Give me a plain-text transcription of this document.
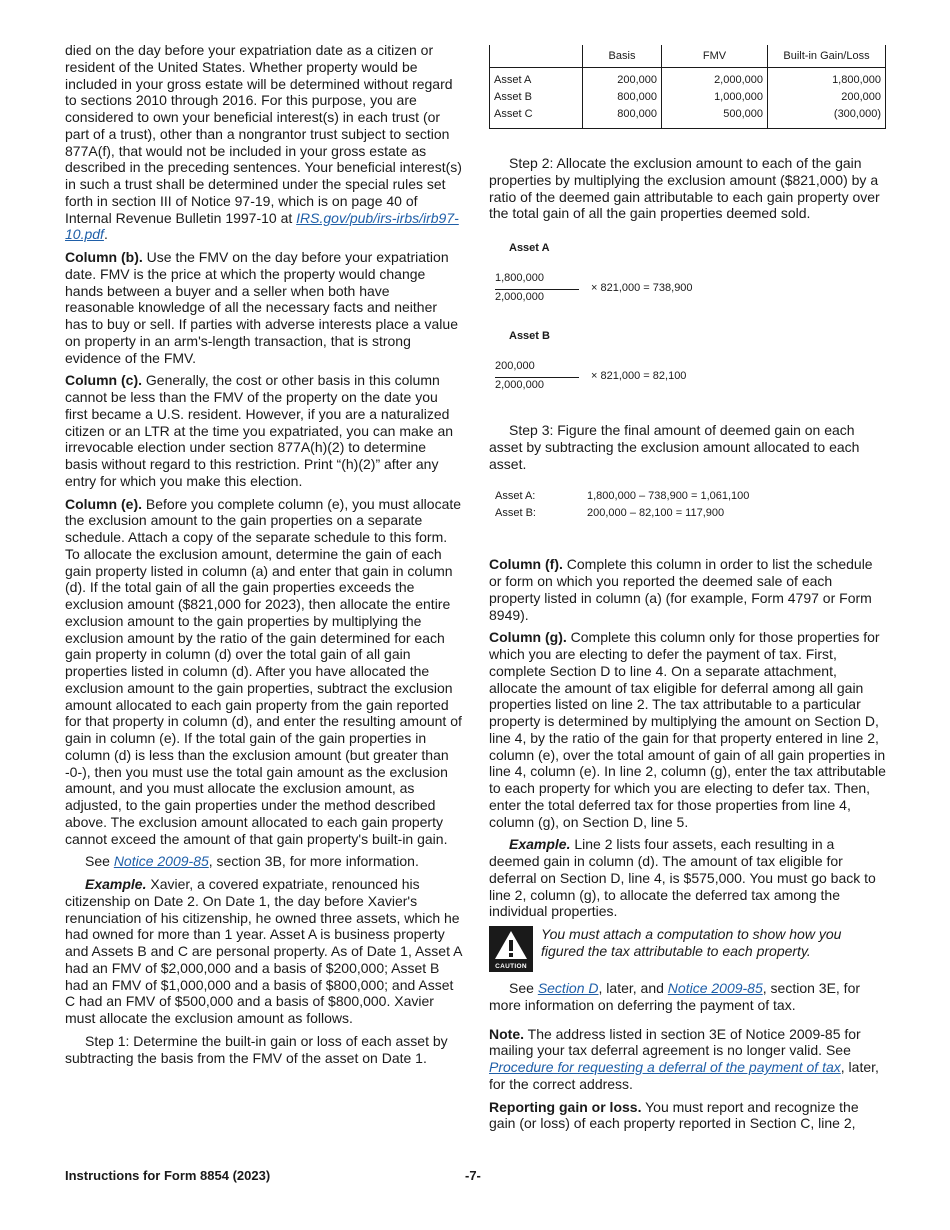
died on the day before your expatriation date as a citizen or resident of the United States. Whether property would be included in your gross estate will be determined without regard to sections 2010 through 2016. For this purpose, you are considered to own your beneficial interest(s) in each trust (or part of a trust), other than a nongrantor trust subject to section 877A(f), that would not be included in your gross estate as described in the preceding sentences. Your beneficial interest(s) in such a trust shall be determined under the special rules set forth in section III of Notice 97-19, which is on page 40 of Internal Revenue Bulletin 1997-10 at IRS.gov/pub/irs-irbs/irb97-10.pdf.

Column (b). Use the FMV on the day before your expatriation date. FMV is the price at which the property would change hands between a buyer and a seller when both have reasonable knowledge of all the necessary facts and neither has to buy or sell. If parties with adverse interests place a value on property in an arm's-length transaction, that is strong evidence of the FMV.

Column (c). Generally, the cost or other basis in this column cannot be less than the FMV of the property on the date you first became a U.S. resident. However, if you are a naturalized citizen or an LTR at the time you expatriated, you can make an irrevocable election under section 877A(h)(2) to determine basis without regard to this restriction. Print “(h)(2)” after any entry for which you make this election.

Column (e). Before you complete column (e), you must allocate the exclusion amount to the gain properties on a separate schedule. Attach a copy of the separate schedule to this form. To allocate the exclusion amount, determine the gain of each gain property listed in column (a) and enter that gain in column (d). If the total gain of all the gain properties exceeds the exclusion amount ($821,000 for 2023), then allocate the entire exclusion amount to the gain properties by multiplying the exclusion amount by the ratio of the gain determined for each gain property in column (d) over the total gain of all gain properties listed in column (d). After you have allocated the exclusion amount to the gain properties, subtract the exclusion amount allocated to each gain property from the gain reported for that property in column (d), and enter the resulting amount of gain in column (e). If the total gain of the gain properties in column (d) is less than the exclusion amount (but greater than -0-), then you must use the total gain amount as the exclusion amount, and you must allocate the exclusion amount, as adjusted, to the gain properties under the method described above. The exclusion amount allocated to each gain property cannot exceed the amount of that gain property's built-in gain.

See Notice 2009-85, section 3B, for more information.

Example. Xavier, a covered expatriate, renounced his citizenship on Date 2. On Date 1, the day before Xavier's renunciation of his citizenship, he owned three assets, which he had owned for more than 1 year. Asset A is business property and Assets B and C are personal property. As of Date 1, Asset A had an FMV of $2,000,000 and a basis of $200,000; Asset B had an FMV of $1,000,000 and a basis of $800,000; and Asset C had an FMV of $500,000 and a basis of $800,000. Xavier must allocate the exclusion amount as follows.

Step 1: Determine the built-in gain or loss of each asset by subtracting the basis from the FMV of the asset on Date 1.

	Basis	FMV	Built-in Gain/Loss
Asset A	200,000	2,000,000	1,800,000
Asset B	800,000	1,000,000	200,000
Asset C	800,000	500,000	(300,000)

Step 2: Allocate the exclusion amount to each of the gain properties by multiplying the exclusion amount ($821,000) by a ratio of the deemed gain attributable to each gain property over the total gain of all the gain properties deemed sold.

Asset A
1,800,000
2,000,000
× 821,000 = 738,900
Asset B
200,000
2,000,000
× 821,000 = 82,100

Step 3: Figure the final amount of deemed gain on each asset by subtracting the exclusion amount allocated to each asset.

Asset A:	1,800,000 – 738,900 = 1,061,100
Asset B:	200,000 – 82,100 = 117,900

Column (f). Complete this column in order to list the schedule or form on which you reported the deemed sale of each property listed in column (a) (for example, Form 4797 or Form 8949).

Column (g). Complete this column only for those properties for which you are electing to defer the payment of tax. First, complete Section D to line 4. On a separate attachment, allocate the amount of tax eligible for deferral among all gain properties listed on line 2. The tax attributable to a particular property is determined by multiplying the amount on Section D, line 4, by the ratio of the gain for that property entered in line 2, column (e), over the total amount of gain of all gain properties in line 4, column (e). In line 2, column (g), enter the tax attributable to each property for which you are electing to defer tax. Then, enter the total deferred tax for those properties from line 4, column (g), on Section D, line 5.

Example. Line 2 lists four assets, each resulting in a deemed gain in column (d). The amount of tax eligible for deferral on Section D, line 4, is $575,000. You must go back to line 2, column (g), to allocate the deferred tax among the individual properties.

CAUTION

You must attach a computation to show how you figured the tax attributable to each property.

See Section D, later, and Notice 2009-85, section 3E, for more information on deferring the payment of tax.

Note. The address listed in section 3E of Notice 2009-85 for mailing your tax deferral agreement is no longer valid. See Procedure for requesting a deferral of the payment of tax, later, for the correct address.

Reporting gain or loss. You must report and recognize the gain (or loss) of each property reported in Section C, line 2,

Instructions for Form 8854 (2023)	-7-
